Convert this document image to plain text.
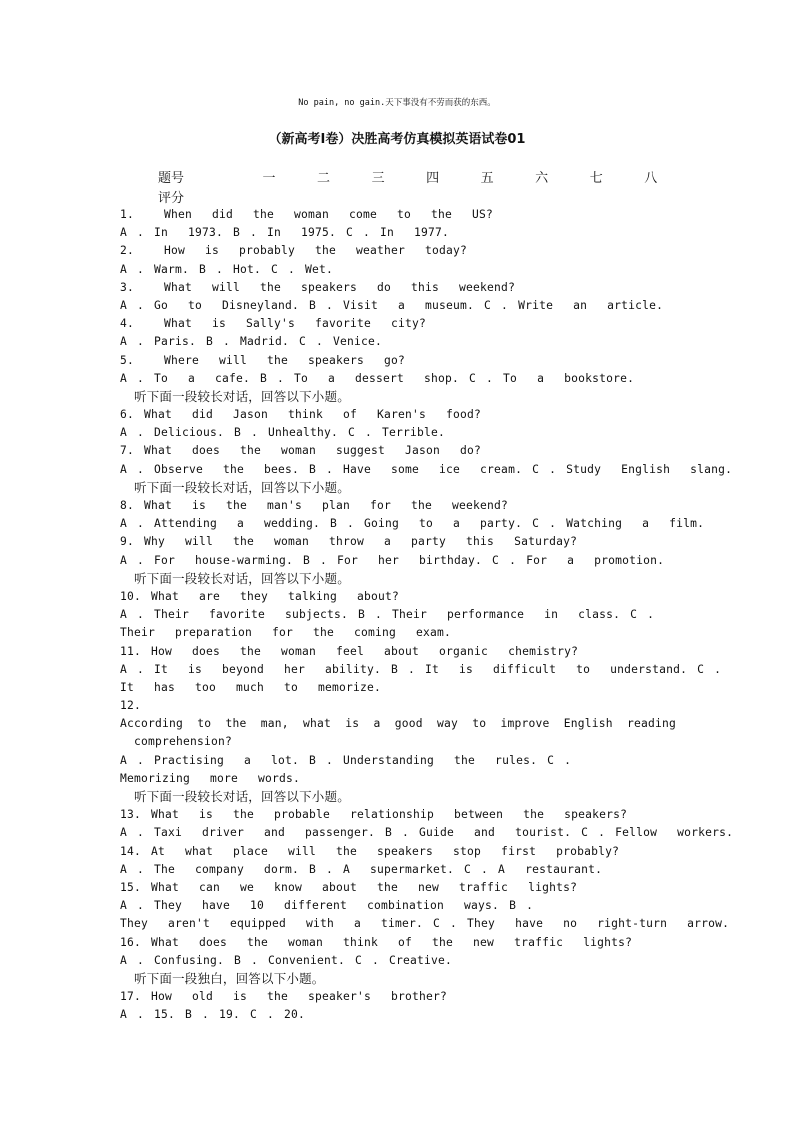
No pain, no gain.天下事没有不劳而获的东西。
（新高考I卷）决胜高考仿真模拟英语试卷01
题号	一	二	三	四	五	六	七	八
评分
1.   When  did  the  woman  come  to  the  US?
A . In  1973. B . In  1975. C . In  1977.
2.   How  is  probably  the  weather  today?
A . Warm. B . Hot. C . Wet.
3.   What  will  the  speakers  do  this  weekend?
A . Go  to  Disneyland. B . Visit  a  museum. C . Write  an  article.
4.   What  is  Sally's  favorite  city?
A . Paris. B . Madrid. C . Venice.
5.   Where  will  the  speakers  go?
A . To  a  cafe. B . To  a  dessert  shop. C . To  a  bookstore.
听下面一段较长对话，回答以下小题。
6. What  did  Jason  think  of  Karen's  food?
A . Delicious. B . Unhealthy. C . Terrible.
7. What  does  the  woman  suggest  Jason  do?
A . Observe  the  bees. B . Have  some  ice  cream. C . Study  English  slang.
听下面一段较长对话，回答以下小题。
8. What  is  the  man's  plan  for  the  weekend?
A . Attending  a  wedding. B . Going  to  a  party. C . Watching  a  film.
9. Why  will  the  woman  throw  a  party  this  Saturday?
A . For  house-warming. B . For  her  birthday. C . For  a  promotion.
听下面一段较长对话，回答以下小题。
10. What  are  they  talking  about?
A . Their  favorite  subjects. B . Their  performance  in  class. C .
Their  preparation  for  the  coming  exam.
11. How  does  the  woman  feel  about  organic  chemistry?
A . It  is  beyond  her  ability. B . It  is  difficult  to  understand. C .
It  has  too  much  to  memorize.
12.
According to the man, what is a good way to improve English reading
comprehension?
A . Practising  a  lot. B . Understanding  the  rules. C .
Memorizing  more  words.
听下面一段较长对话，回答以下小题。
13. What  is  the  probable  relationship  between  the  speakers?
A . Taxi  driver  and  passenger. B . Guide  and  tourist. C . Fellow  workers.
14. At  what  place  will  the  speakers  stop  first  probably?
A . The  company  dorm. B . A  supermarket. C . A  restaurant.
15. What  can  we  know  about  the  new  traffic  lights?
A . They  have  10  different  combination  ways. B .
They  aren't  equipped  with  a  timer. C . They  have  no  right-turn  arrow.
16. What  does  the  woman  think  of  the  new  traffic  lights?
A . Confusing. B . Convenient. C . Creative.
听下面一段独白，回答以下小题。
17. How  old  is  the  speaker's  brother?
A . 15. B . 19. C . 20.
